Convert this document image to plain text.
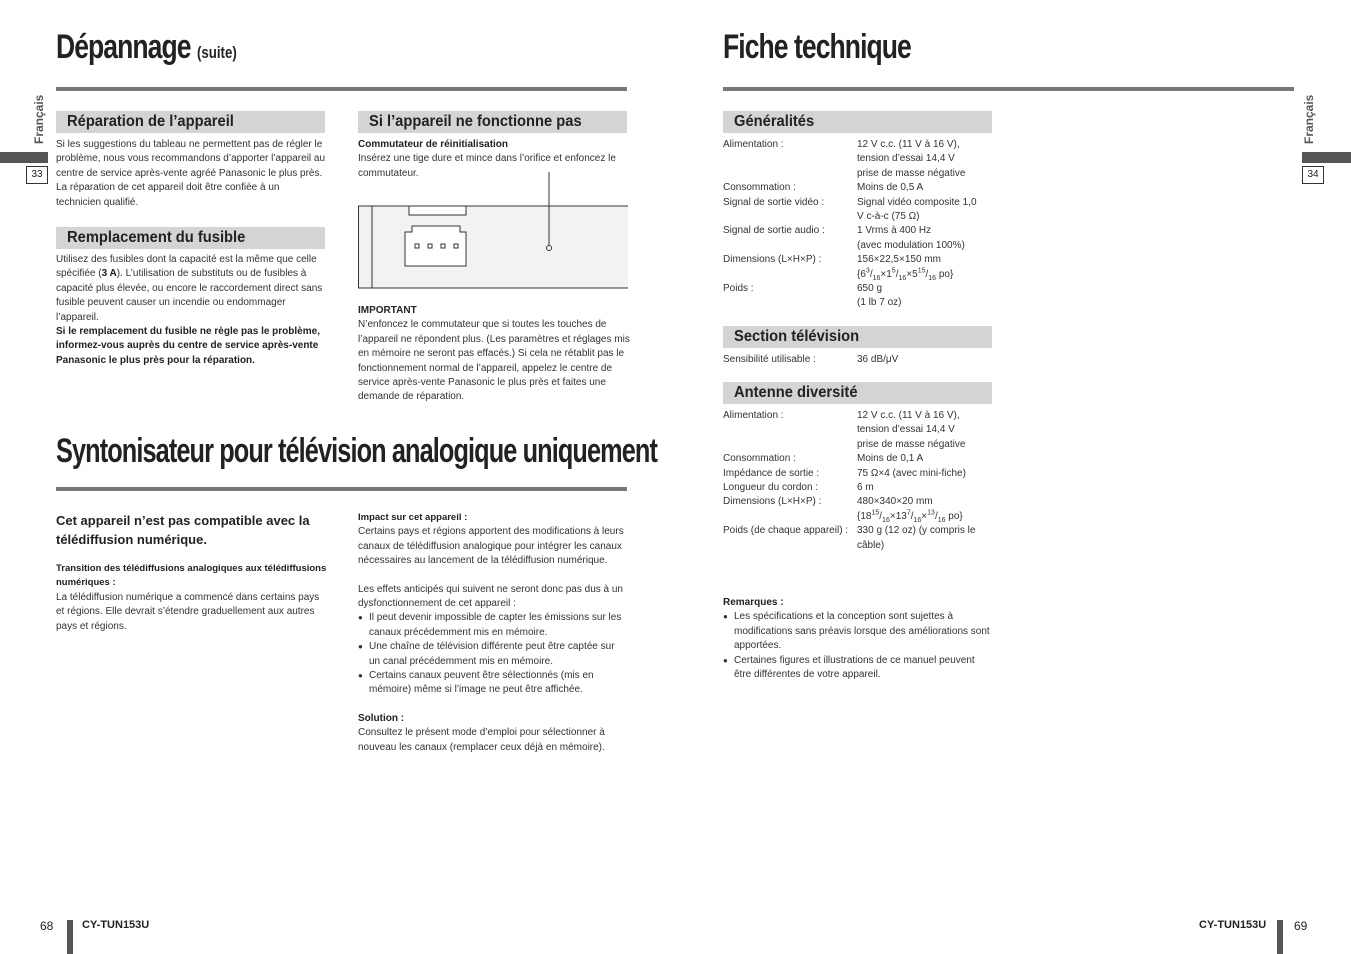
Dépannage (suite)
Français
33
Réparation de l’appareil
Si les suggestions du tableau ne permettent pas de régler le problème, nous vous recommandons d’apporter l’appareil au centre de service après-vente agréé Panasonic le plus près. La réparation de cet appareil doit être confiée à un technicien qualifié.
Remplacement du fusible
Utilisez des fusibles dont la capacité est la même que celle spécifiée (3 A). L’utilisation de substituts ou de fusibles à capacité plus élevée, ou encore le raccordement direct sans fusible peuvent causer un incendie ou endommager l’appareil.
Si le remplacement du fusible ne règle pas le problème, informez-vous auprès du centre de service après-vente Panasonic le plus près pour la réparation.
Si l’appareil ne fonctionne pas
Commutateur de réinitialisation
Insérez une tige dure et mince dans l’orifice et enfoncez le commutateur.
IMPORTANT
N’enfoncez le commutateur que si toutes les touches de l’appareil ne répondent plus. (Les paramètres et réglages mis en mémoire ne seront pas effacés.) Si cela ne rétablit pas le fonctionnement normal de l’appareil, appelez le centre de service après-vente Panasonic le plus près et faites une demande de réparation.
Syntonisateur pour télévision analogique uniquement
Cet appareil n’est pas compatible avec la télédiffusion numérique.
Transition des télédiffusions analogiques aux télédiffusions numériques :
La télédiffusion numérique a commencé dans certains pays et régions. Elle devrait s’étendre graduellement aux autres pays et régions.
Impact sur cet appareil :
Certains pays et régions apportent des modifications à leurs canaux de télédiffusion analogique pour intégrer les canaux nécessaires au lancement de la télédiffusion numérique.
Les effets anticipés qui suivent ne seront donc pas dus à un dysfonctionnement de cet appareil :
● Il peut devenir impossible de capter les émissions sur les canaux précédemment mis en mémoire.
● Une chaîne de télévision différente peut être captée sur un canal précédemment mis en mémoire.
● Certains canaux peuvent être sélectionnés (mis en mémoire) même si l’image ne peut être affichée.
Solution :
Consultez le présent mode d’emploi pour sélectionner à nouveau les canaux (remplacer ceux déjà en mémoire).
68	CY-TUN153U
Fiche technique
Français
34
Généralités
Alimentation :	12 V c.c. (11 V à 16 V),
tension d’essai 14,4 V
prise de masse négative
Consommation :	Moins de 0,5 A
Signal de sortie vidéo :	Signal vidéo composite 1,0
V c-à-c (75 Ω)
Signal de sortie audio :	1 Vrms à 400 Hz
(avec modulation 100%)
Dimensions (L×H×P) :	156×22,5×150 mm
{$6^3/_{16}\times 1^5/_{16}\times 5^{15}/_{16}$ po}
Poids :	650 g
(1 lb 7 oz)
Section télévision
Sensibilité utilisable :	36 dB/μV
Antenne diversité
Alimentation :	12 V c.c. (11 V à 16 V),
tension d’essai 14,4 V
prise de masse négative
Consommation :	Moins de 0,1 A
Impédance de sortie :	75 Ω×4 (avec mini-fiche)
Longueur du cordon :	6 m
Dimensions (L×H×P) :	480×340×20 mm
{$18^{15}/_{16}\times 13^7/_{16}\times^{13}/_{16}$ po}
Poids (de chaque appareil) : 330 g (12 oz) (y compris le
câble)
Remarques :
● Les spécifications et la conception sont sujettes à modifications sans préavis lorsque des améliorations sont apportées.
● Certaines figures et illustrations de ce manuel peuvent être différentes de votre appareil.
CY-TUN153U 69
